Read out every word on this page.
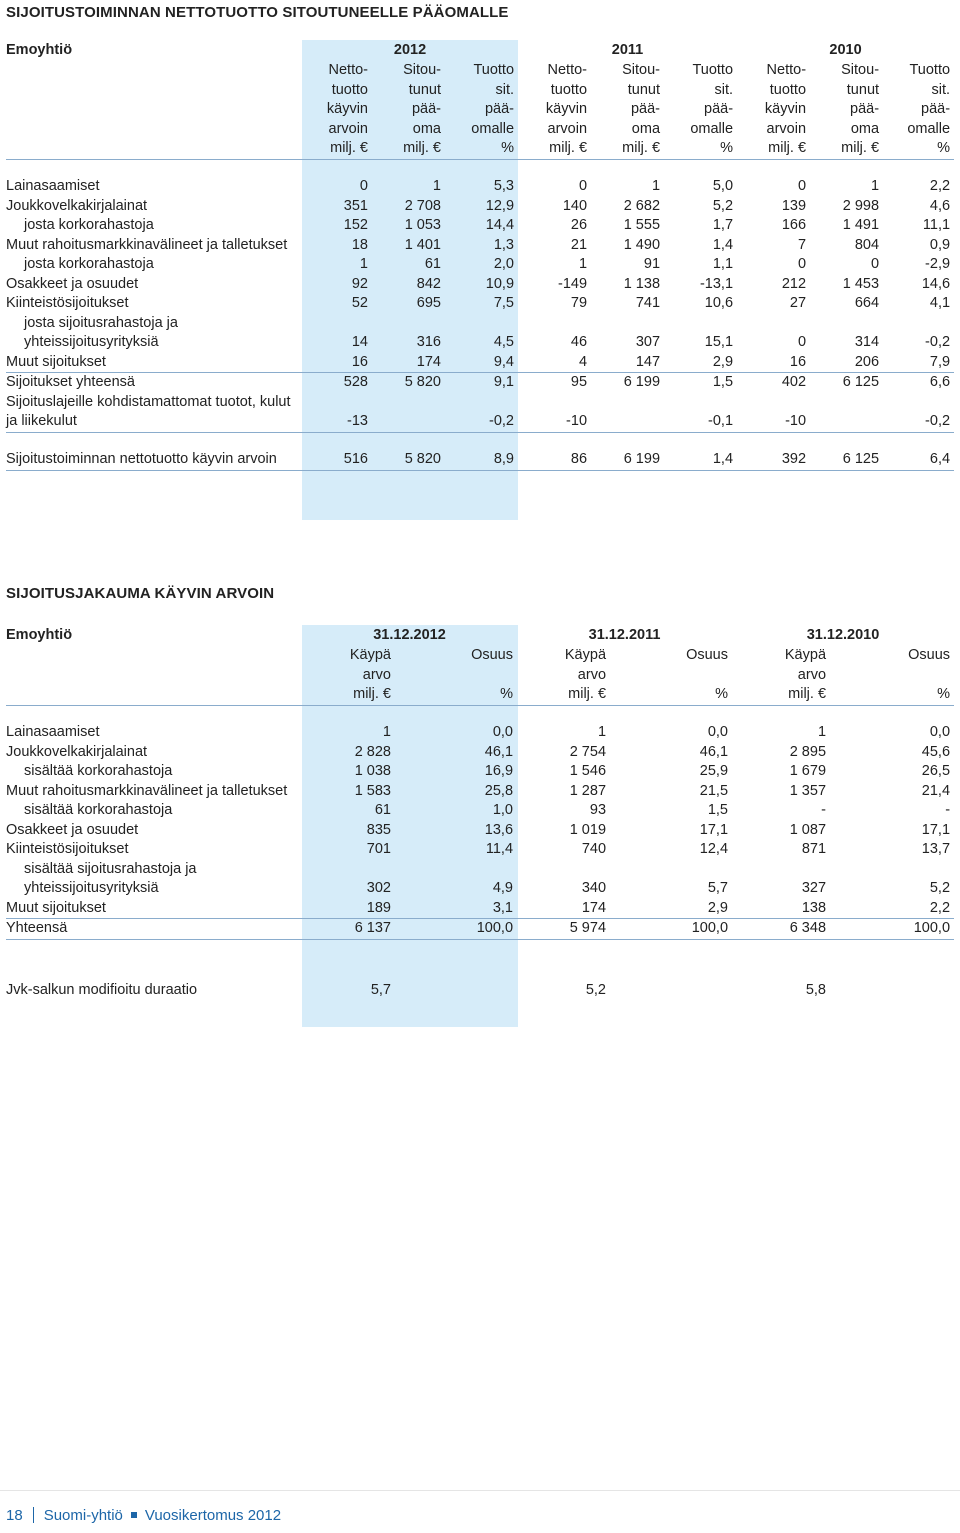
SIJOITUSTOIMINNAN NETTOTUOTTO SITOUTUNEELLE PÄÄOMALLE
Emoyhtiö	2012			2011			2010		
	Netto-	Sitou-	Tuotto	Netto-	Sitou-	Tuotto	Netto-	Sitou-	Tuotto
	tuotto	tunut	sit.	tuotto	tunut	sit.	tuotto	tunut	sit.
	käyvin	pää-	pää-	käyvin	pää-	pää-	käyvin	pää-	pää-
	arvoin	oma	omalle	arvoin	oma	omalle	arvoin	oma	omalle
	milj. €	milj. €	%	milj. €	milj. €	%	milj. €	milj. €	%

Lainasaamiset	0	1	5,3	0	1	5,0	0	1	2,2
Joukkovelkakirjalainat	351	2 708	12,9	140	2 682	5,2	139	2 998	4,6
josta korkorahastoja	152	1 053	14,4	26	1 555	1,7	166	1 491	11,1
Muut rahoitusmarkkinavälineet ja talletukset	18	1 401	1,3	21	1 490	1,4	7	804	0,9
josta korkorahastoja	1	61	2,0	1	91	1,1	0	0	-2,9
Osakkeet ja osuudet	92	842	10,9	-149	1 138	-13,1	212	1 453	14,6
Kiinteistösijoitukset	52	695	7,5	79	741	10,6	27	664	4,1
josta sijoitusrahastoja ja yhteissijoitusyrityksiä	14	316	4,5	46	307	15,1	0	314	-0,2
Muut sijoitukset	16	174	9,4	4	147	2,9	16	206	7,9
Sijoitukset yhteensä	528	5 820	9,1	95	6 199	1,5	402	6 125	6,6
Sijoituslajeille kohdistamattomat tuotot, kulut ja liikekulut	-13		-0,2	-10		-0,1	-10		-0,2

Sijoitustoiminnan nettotuotto käyvin arvoin	516	5 820	8,9	86	6 199	1,4	392	6 125	6,4
SIJOITUSJAKAUMA KÄYVIN ARVOIN
Emoyhtiö	31.12.2012		31.12.2011		31.12.2010	
	Käypä	Osuus	Käypä	Osuus	Käypä	Osuus
	arvo		arvo		arvo	
	milj. €	%	milj. €	%	milj. €	%

Lainasaamiset	1	0,0	1	0,0	1	0,0
Joukkovelkakirjalainat	2 828	46,1	2 754	46,1	2 895	45,6
sisältää korkorahastoja	1 038	16,9	1 546	25,9	1 679	26,5
Muut rahoitusmarkkinavälineet ja talletukset	1 583	25,8	1 287	21,5	1 357	21,4
sisältää korkorahastoja	61	1,0	93	1,5	-	-
Osakkeet ja osuudet	835	13,6	1 019	17,1	1 087	17,1
Kiinteistösijoitukset	701	11,4	740	12,4	871	13,7
sisältää sijoitusrahastoja ja yhteissijoitusyrityksiä	302	4,9	340	5,7	327	5,2
Muut sijoitukset	189	3,1	174	2,9	138	2,2
Yhteensä	6 137	100,0	5 974	100,0	6 348	100,0

Jvk-salkun modifioitu duraatio	5,7		5,2		5,8	
18 Suomi-yhtiö Vuosikertomus 2012
